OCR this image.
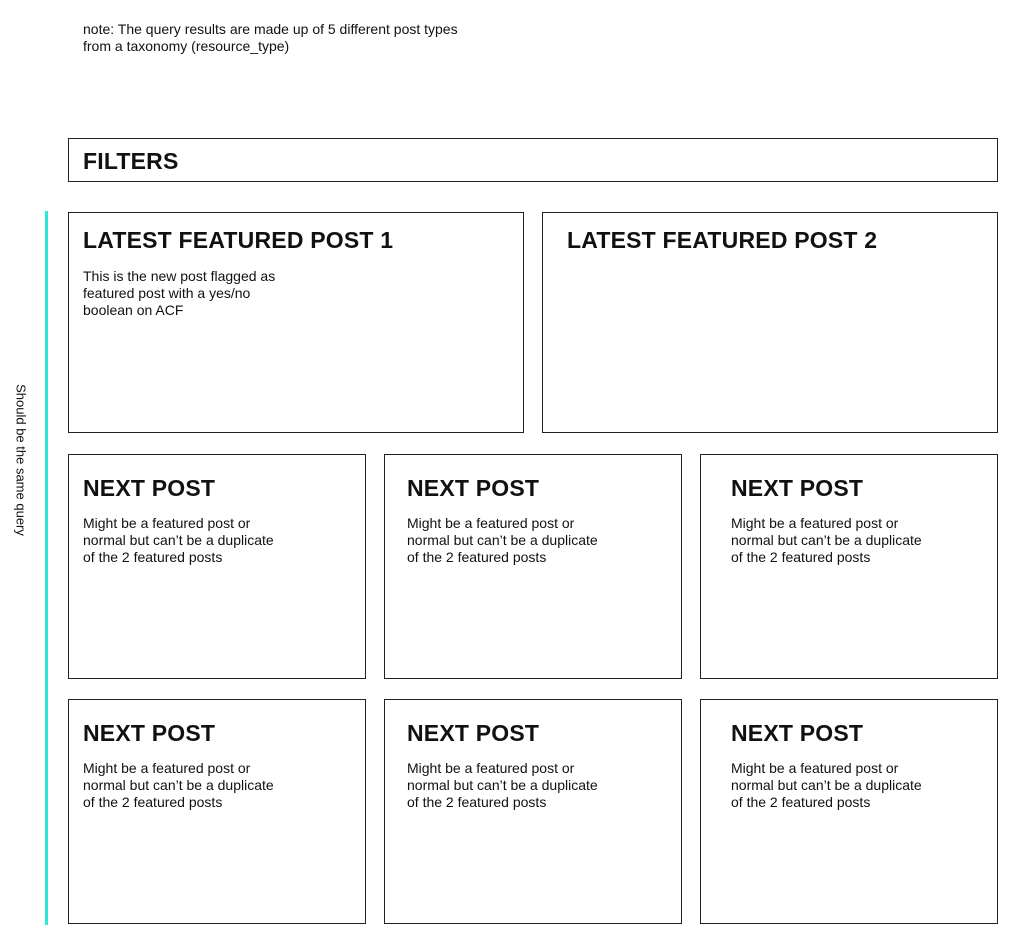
note: The query results are made up of 5 different post types
from a taxonomy (resource_type)

FILTERS

Should be the same query

LATEST FEATURED POST 1

This is the new post flagged as
featured post with a yes/no
boolean on ACF

LATEST FEATURED POST 2

NEXT POST

Might be a featured post or
normal but can’t be a duplicate
of the 2 featured posts

NEXT POST

Might be a featured post or
normal but can’t be a duplicate
of the 2 featured posts

NEXT POST

Might be a featured post or
normal but can’t be a duplicate
of the 2 featured posts

NEXT POST

Might be a featured post or
normal but can’t be a duplicate
of the 2 featured posts

NEXT POST

Might be a featured post or
normal but can’t be a duplicate
of the 2 featured posts

NEXT POST

Might be a featured post or
normal but can’t be a duplicate
of the 2 featured posts
